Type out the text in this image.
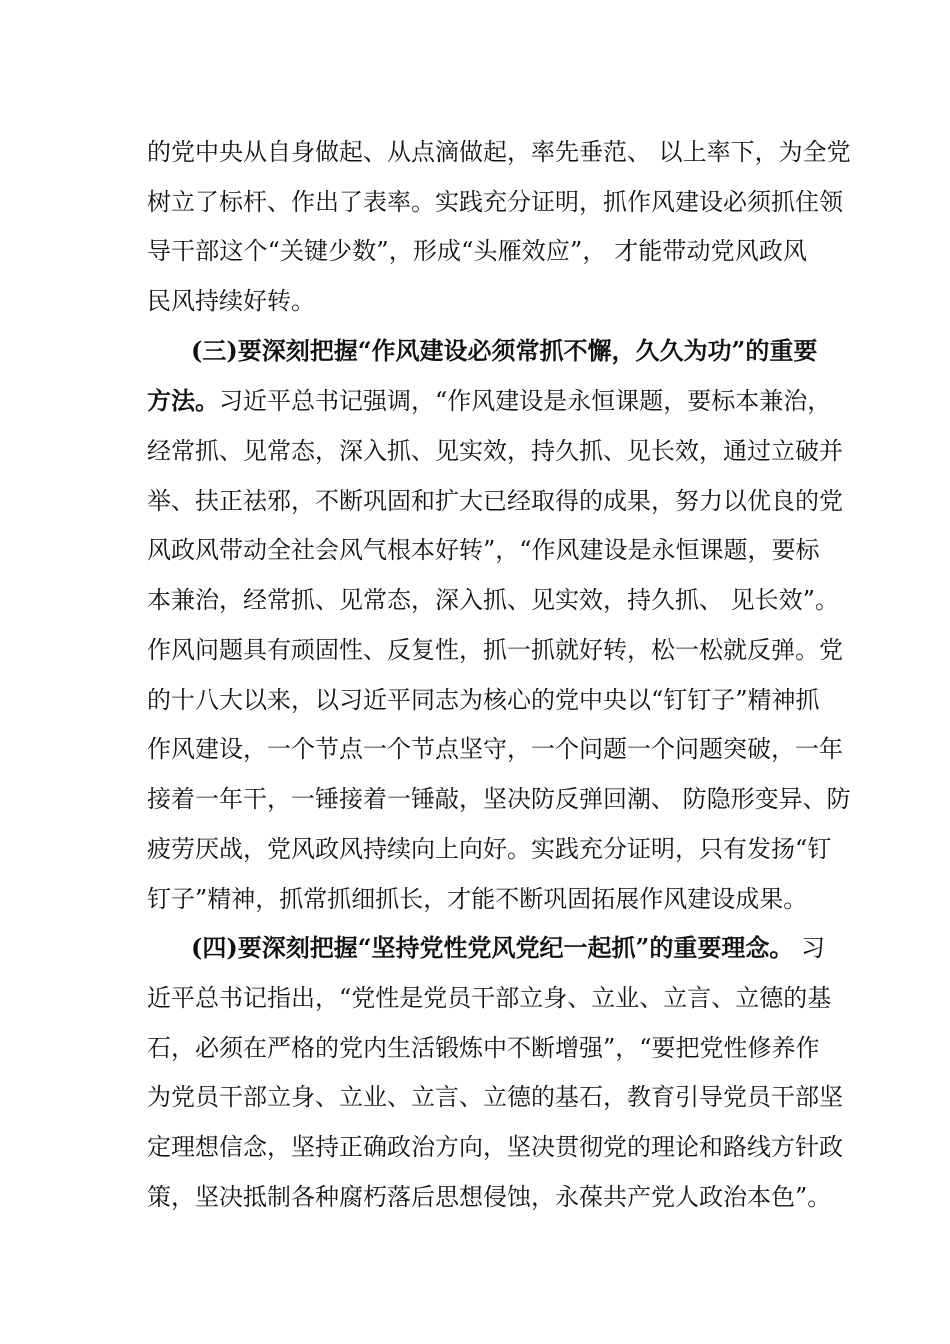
的党中央从自身做起、从点滴做起，率先垂范、 以上率下，为全党
树立了标杆、作出了表率。实践充分证明，抓作风建设必须抓住领
导干部这个“关键少数”，形成“头雁效应”， 才能带动党风政风
民风持续好转。
(三)要深刻把握“作风建设必须常抓不懈，久久为功”的重要
方法。习近平总书记强调，“作风建设是永恒课题，要标本兼治，
经常抓、见常态，深入抓、见实效，持久抓、见长效，通过立破并
举、扶正祛邪，不断巩固和扩大已经取得的成果，努力以优良的党
风政风带动全社会风气根本好转”，“作风建设是永恒课题，要标
本兼治，经常抓、见常态，深入抓、见实效，持久抓、 见长效”。
作风问题具有顽固性、反复性，抓一抓就好转，松一松就反弹。党
的十八大以来，以习近平同志为核心的党中央以“钉钉子”精神抓
作风建设，一个节点一个节点坚守，一个问题一个问题突破，一年
接着一年干，一锤接着一锤敲，坚决防反弹回潮、 防隐形变异、防
疲劳厌战，党风政风持续向上向好。实践充分证明，只有发扬“钉
钉子”精神，抓常抓细抓长，才能不断巩固拓展作风建设成果。
(四)要深刻把握“坚持党性党风党纪一起抓”的重要理念。 习
近平总书记指出，“党性是党员干部立身、立业、立言、立德的基
石，必须在严格的党内生活锻炼中不断增强”，“要把党性修养作
为党员干部立身、立业、立言、立德的基石，教育引导党员干部坚
定理想信念，坚持正确政治方向，坚决贯彻党的理论和路线方针政
策，坚决抵制各种腐朽落后思想侵蚀，永葆共产党人政治本色”。
